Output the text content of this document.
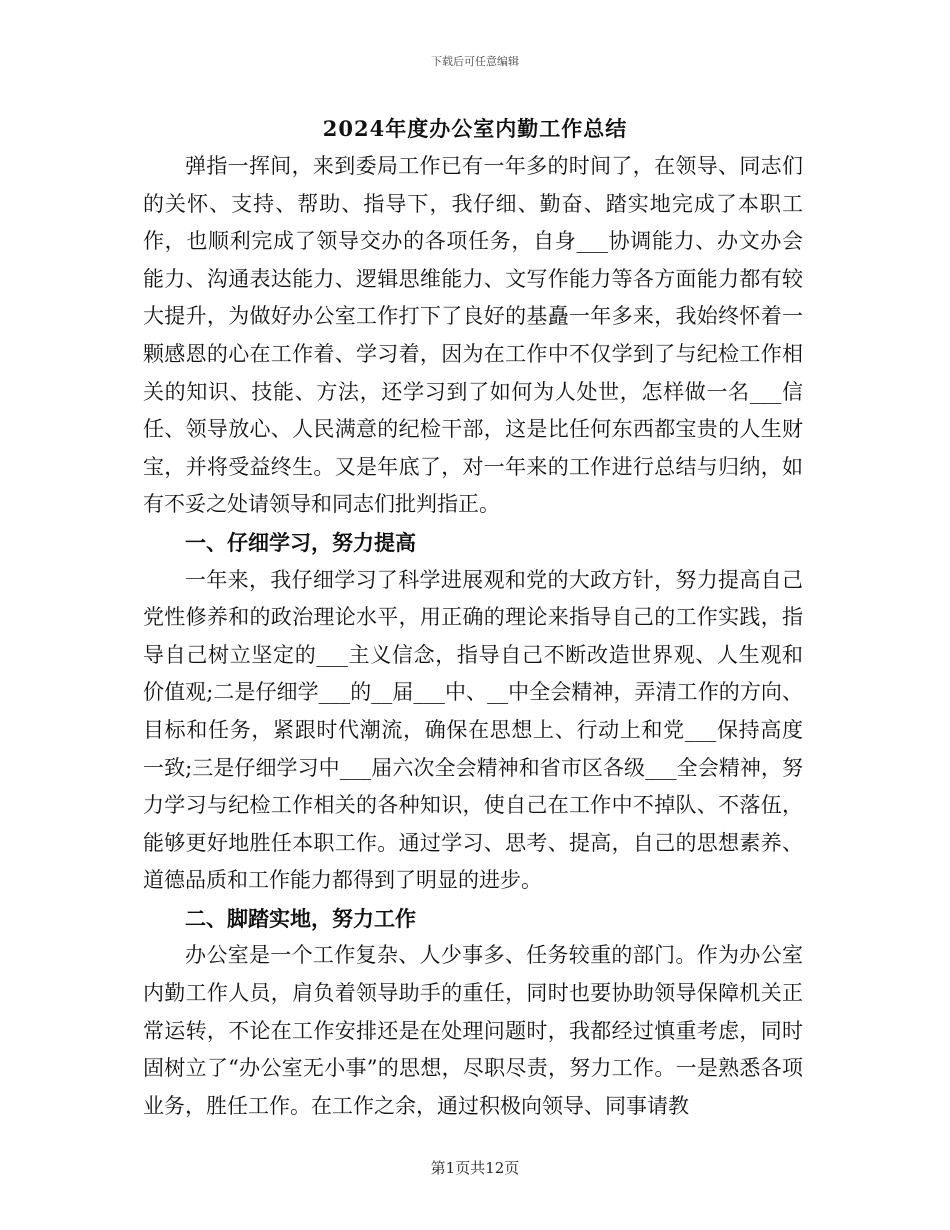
下载后可任意编辑
2024年度办公室内勤工作总结

弹指一挥间，来到委局工作已有一年多的时间了，在领导、同志们的关怀、支持、帮助、指导下，我仔细、勤奋、踏实地完成了本职工作，也顺利完成了领导交办的各项任务，自身___协调能力、办文办会能力、沟通表达能力、逻辑思维能力、文写作能力等各方面能力都有较大提升，为做好办公室工作打下了良好的基矗一年多来，我始终怀着一颗感恩的心在工作着、学习着，因为在工作中不仅学到了与纪检工作相关的知识、技能、方法，还学习到了如何为人处世，怎样做一名___信任、领导放心、人民满意的纪检干部，这是比任何东西都宝贵的人生财宝，并将受益终生。又是年底了，对一年来的工作进行总结与归纳，如有不妥之处请领导和同志们批判指正。

一、仔细学习，努力提高

一年来，我仔细学习了科学进展观和党的大政方针，努力提高自己党性修养和的政治理论水平，用正确的理论来指导自己的工作实践，指导自己树立坚定的___主义信念，指导自己不断改造世界观、人生观和价值观;二是仔细学___的__届___中、__中全会精神，弄清工作的方向、目标和任务，紧跟时代潮流，确保在思想上、行动上和党___保持高度一致;三是仔细学习中___届六次全会精神和省市区各级___全会精神，努力学习与纪检工作相关的各种知识，使自己在工作中不掉队、不落伍，能够更好地胜任本职工作。通过学习、思考、提高，自己的思想素养、道德品质和工作能力都得到了明显的进步。

二、脚踏实地，努力工作

办公室是一个工作复杂、人少事多、任务较重的部门。作为办公室内勤工作人员，肩负着领导助手的重任，同时也要协助领导保障机关正常运转，不论在工作安排还是在处理问题时，我都经过慎重考虑，同时固树立了“办公室无小事”的思想，尽职尽责，努力工作。一是熟悉各项业务，胜任工作。在工作之余，通过积极向领导、同事请教

第1页共12页
